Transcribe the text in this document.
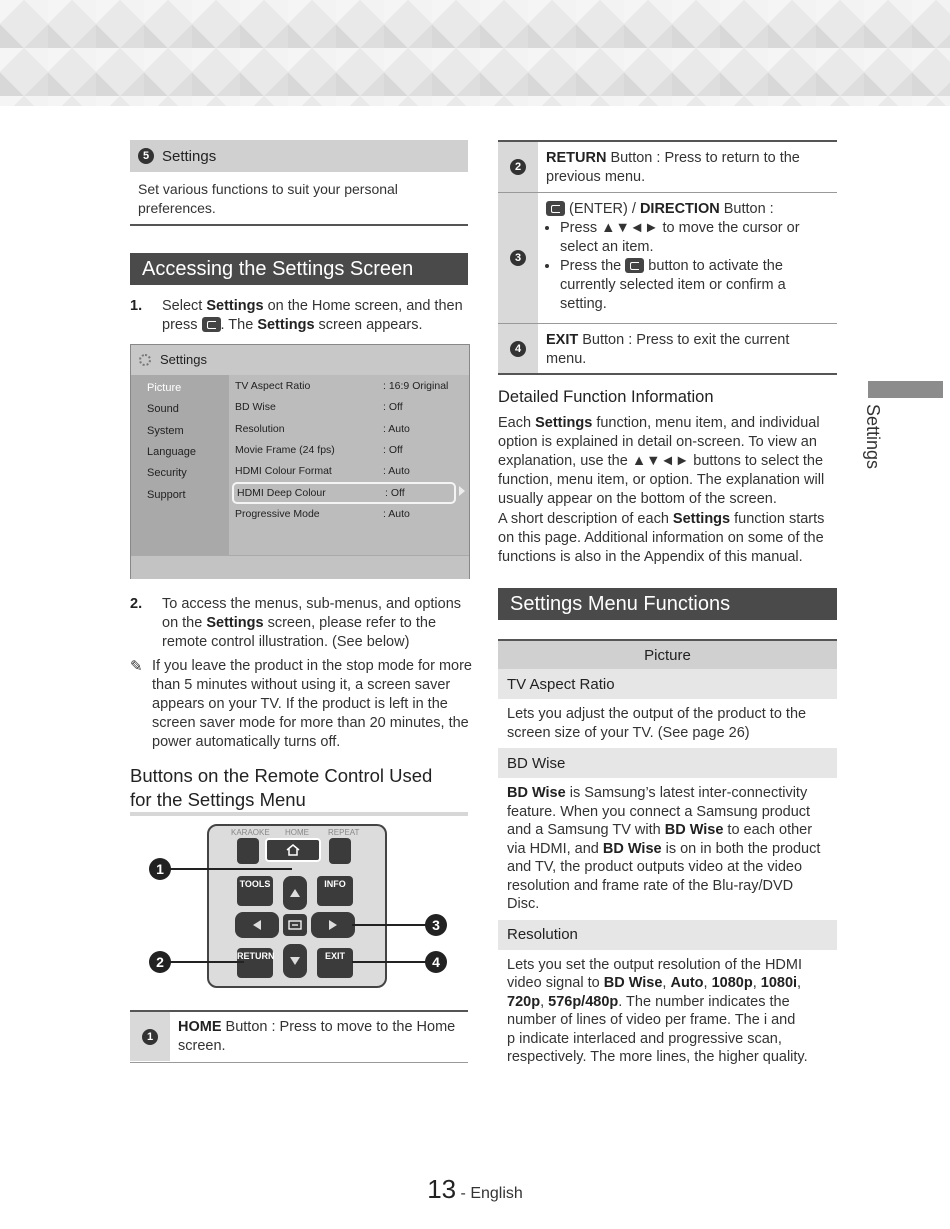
5 Settings
Set various functions to suit your personal preferences.
Accessing the Settings Screen
1. Select Settings on the Home screen, and then
press . The Settings screen appears.
Settings
Picture
Sound
System
Language
Security
Support
TV Aspect Ratio	: 16:9 Original
BD Wise	: Off
Resolution	: Auto
Movie Frame (24 fps)	: Off
HDMI Colour Format	: Auto
HDMI Deep Colour	: Off
Progressive Mode	: Auto
2. To access the menus, sub-menus, and options
on the Settings screen, please refer to the
remote control illustration. (See below)
✎ If you leave the product in the stop mode for more
than 5 minutes without using it, a screen saver
appears on your TV. If the product is left in the
screen saver mode for more than 20 minutes, the
power automatically turns off.
Buttons on the Remote Control Used
for the Settings Menu
KARAOKE HOME REPEAT
TOOLS	INFO
RETURN	EXIT
1
2
3
4
1
HOME Button : Press to move to the Home
screen.
2
RETURN Button : Press to return to the
previous menu.
3
(ENTER) / DIRECTION Button :
• Press ▲▼◄► to move the cursor or
select an item.
• Press the  button to activate the
currently selected item or confirm a
setting.
4
EXIT Button : Press to exit the current
menu.
Detailed Function Information
Each Settings function, menu item, and individual
option is explained in detail on-screen. To view an
explanation, use the ▲▼◄► buttons to select the
function, menu item, or option. The explanation will
usually appear on the bottom of the screen.
A short description of each Settings function starts
on this page. Additional information on some of the
functions is also in the Appendix of this manual.
Settings Menu Functions
Picture
TV Aspect Ratio
Lets you adjust the output of the product to the
screen size of your TV. (See page 26)
BD Wise
BD Wise is Samsung’s latest inter-connectivity
feature. When you connect a Samsung product
and a Samsung TV with BD Wise to each other
via HDMI, and BD Wise is on in both the product
and TV, the product outputs video at the video
resolution and frame rate of the Blu-ray/DVD Disc.
Resolution
Lets you set the output resolution of the HDMI
video signal to BD Wise, Auto, 1080p, 1080i,
720p, 576p/480p. The number indicates the
number of lines of video per frame. The i and
p indicate interlaced and progressive scan,
respectively. The more lines, the higher quality.
Settings
13 - English
